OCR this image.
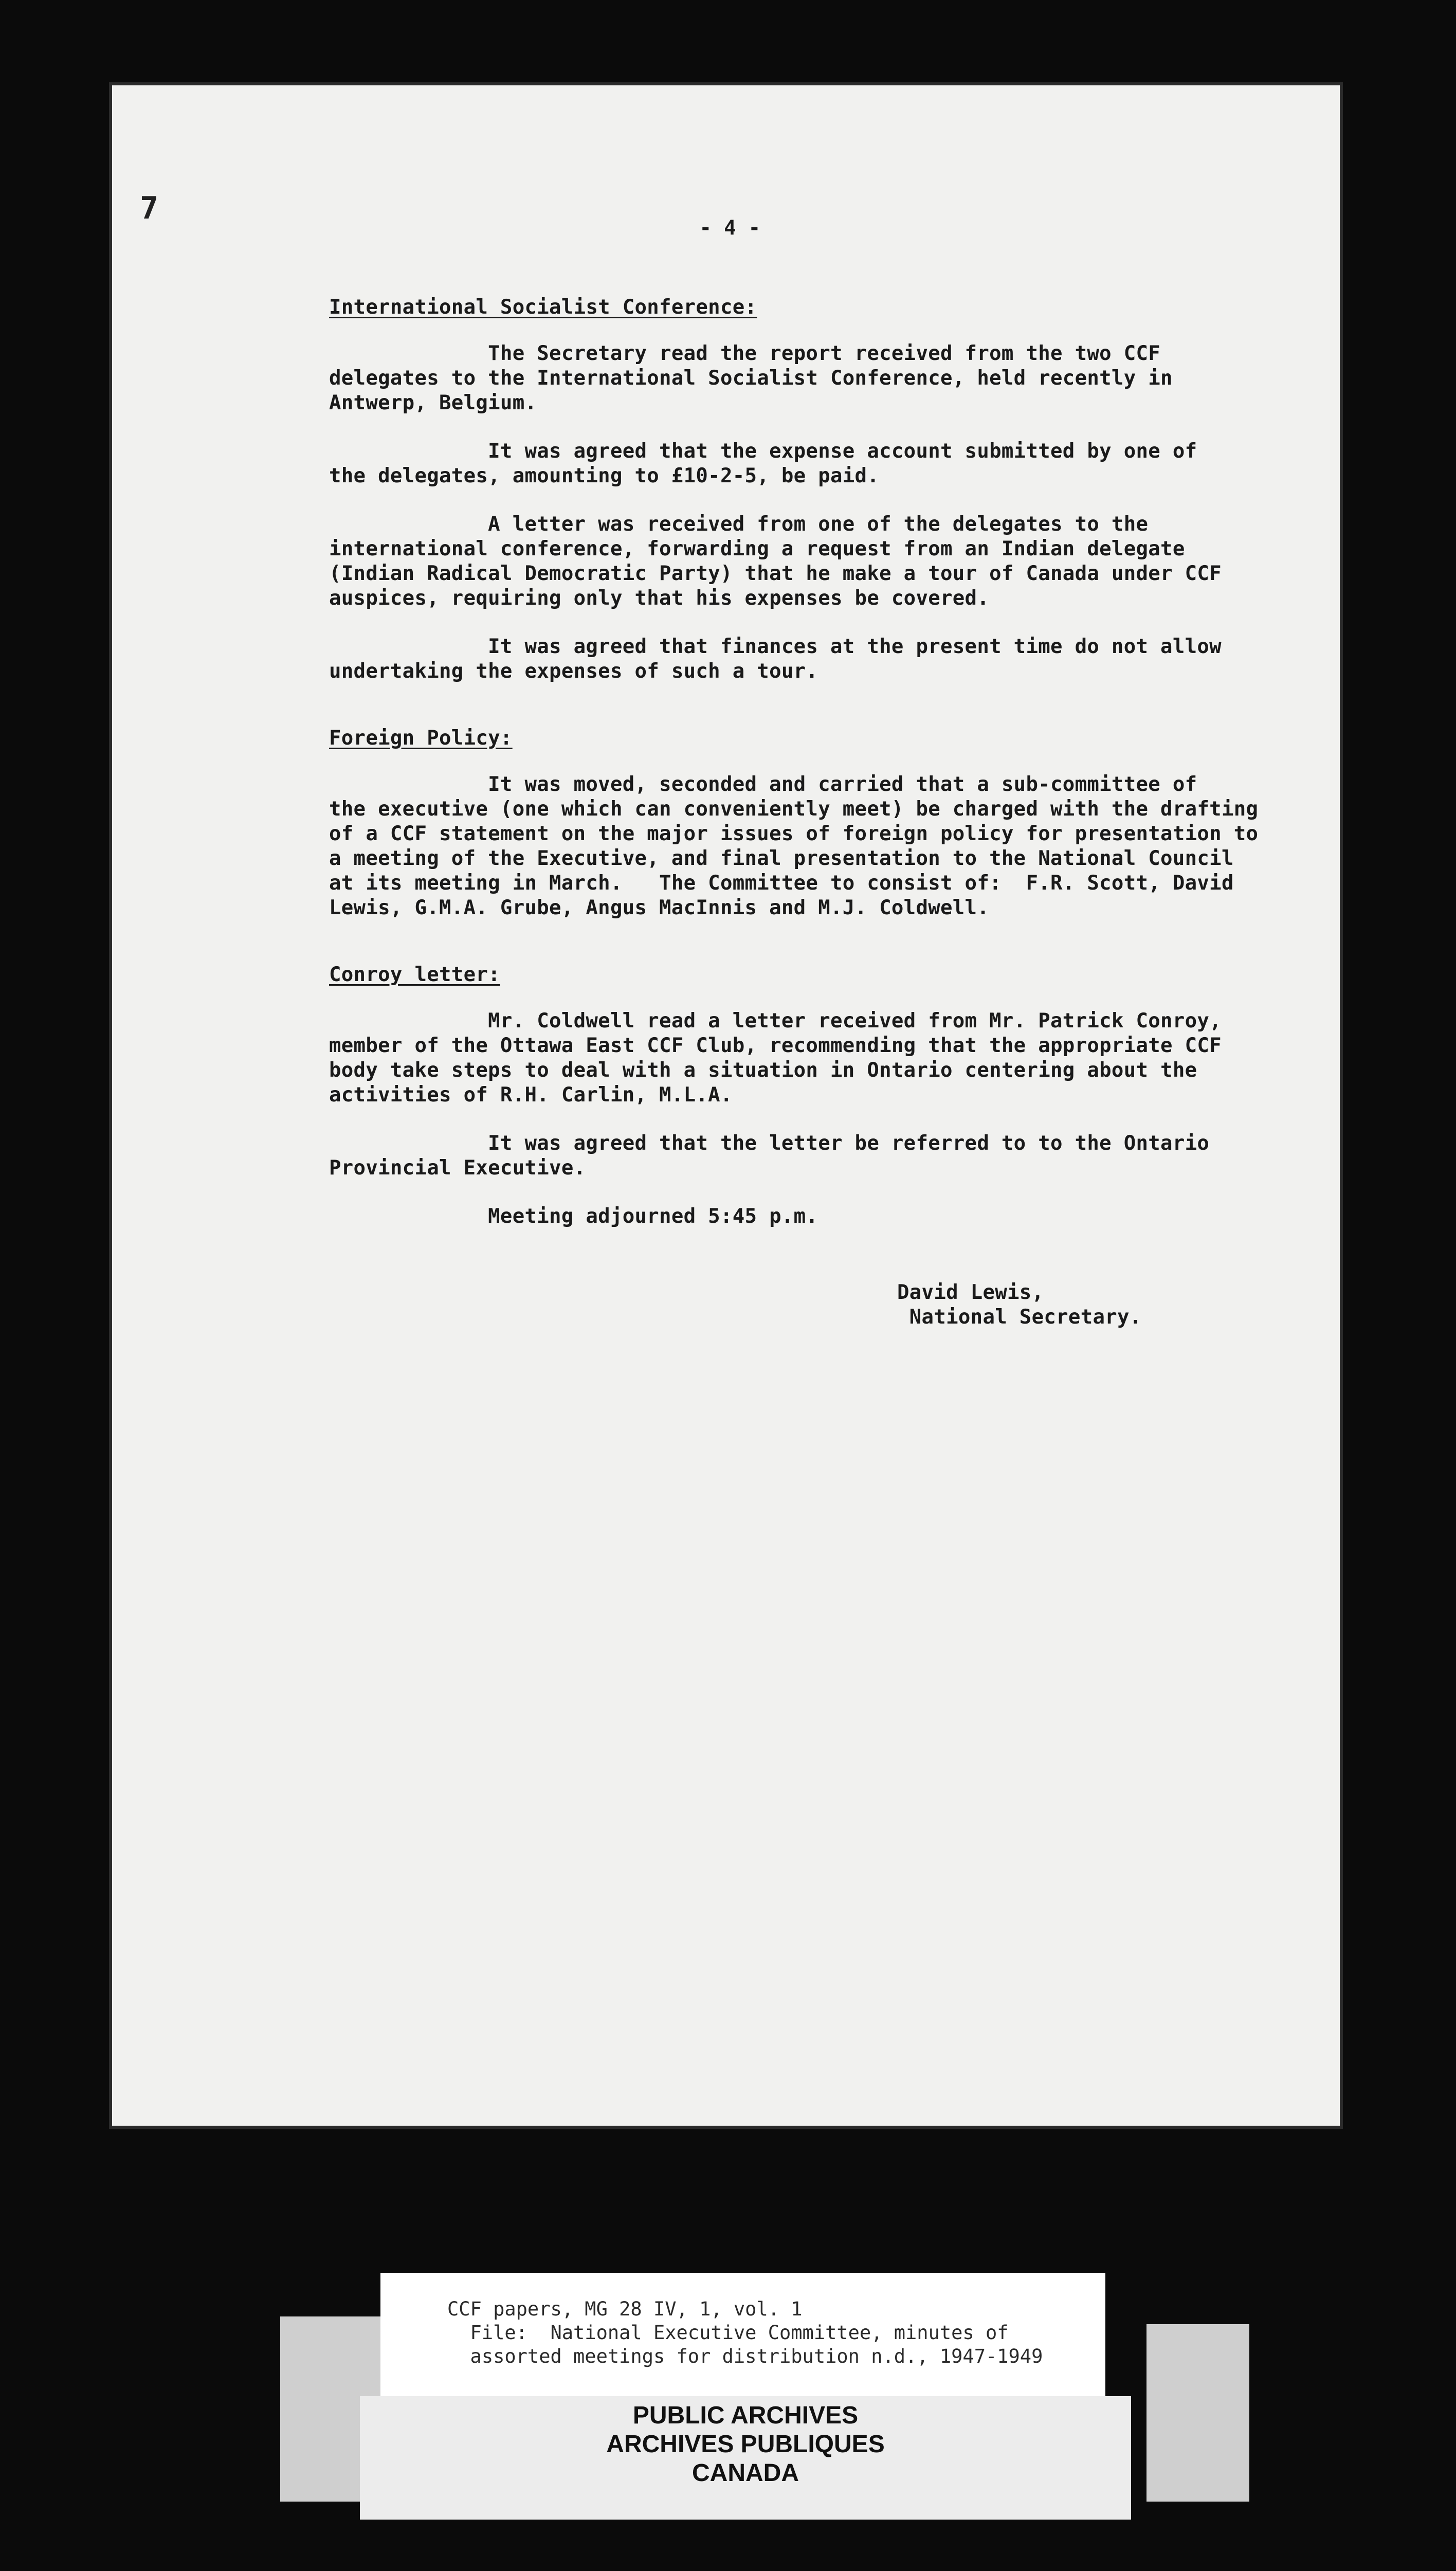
7
- 4 -
International Socialist Conference:

The Secretary read the report received from the two CCF
delegates to the International Socialist Conference, held recently in
Antwerp, Belgium.

It was agreed that the expense account submitted by one of
the delegates, amounting to £10-2-5, be paid.

A letter was received from one of the delegates to the
international conference, forwarding a request from an Indian delegate
(Indian Radical Democratic Party) that he make a tour of Canada under CCF
auspices, requiring only that his expenses be covered.

It was agreed that finances at the present time do not allow
undertaking the expenses of such a tour.

Foreign Policy:

It was moved, seconded and carried that a sub-committee of
the executive (one which can conveniently meet) be charged with the drafting
of a CCF statement on the major issues of foreign policy for presentation to
a meeting of the Executive, and final presentation to the National Council
at its meeting in March.   The Committee to consist of:  F.R. Scott, David
Lewis, G.M.A. Grube, Angus MacInnis and M.J. Coldwell.

Conroy letter:

Mr. Coldwell read a letter received from Mr. Patrick Conroy,
member of the Ottawa East CCF Club, recommending that the appropriate CCF
body take steps to deal with a situation in Ontario centering about the
activities of R.H. Carlin, M.L.A.

It was agreed that the letter be referred to to the Ontario
Provincial Executive.

Meeting adjourned 5:45 p.m.

David Lewis,
National Secretary.
CCF papers, MG 28 IV, 1, vol. 1
File:  National Executive Committee, minutes of
assorted meetings for distribution n.d., 1947-1949
PUBLIC ARCHIVES
ARCHIVES PUBLIQUES
CANADA
